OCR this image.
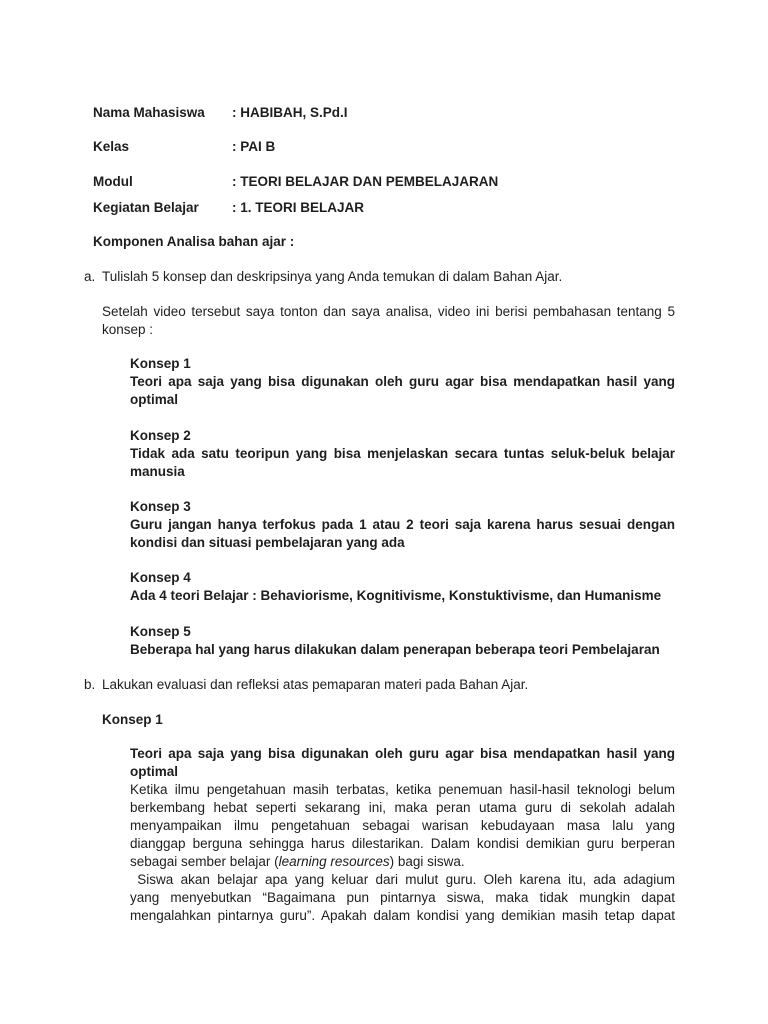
Nama Mahasiswa : HABIBAH, S.Pd.I
Kelas	: PAI B
Modul	: TEORI BELAJAR DAN PEMBELAJARAN
Kegiatan Belajar : 1. TEORI BELAJAR
Komponen Analisa bahan ajar :
a. Tulislah 5 konsep dan deskripsinya yang Anda temukan di dalam Bahan Ajar.
Setelah video tersebut saya tonton dan saya analisa, video ini berisi pembahasan tentang 5
konsep :
Konsep 1
Teori apa saja yang bisa digunakan oleh guru agar bisa mendapatkan hasil yang
optimal
Konsep 2
Tidak ada satu teoripun yang bisa menjelaskan secara tuntas seluk-beluk belajar
manusia
Konsep 3
Guru jangan hanya terfokus pada 1 atau 2 teori saja karena harus sesuai dengan
kondisi dan situasi pembelajaran yang ada
Konsep 4
Ada 4 teori Belajar : Behaviorisme, Kognitivisme, Konstuktivisme, dan Humanisme
Konsep 5
Beberapa hal yang harus dilakukan dalam penerapan beberapa teori Pembelajaran
b. Lakukan evaluasi dan refleksi atas pemaparan materi pada Bahan Ajar.
Konsep 1
Teori apa saja yang bisa digunakan oleh guru agar bisa mendapatkan hasil yang
optimal
Ketika ilmu pengetahuan masih terbatas, ketika penemuan hasil-hasil teknologi belum
berkembang hebat seperti sekarang ini, maka peran utama guru di sekolah adalah
menyampaikan ilmu pengetahuan sebagai warisan kebudayaan masa lalu yang
dianggap berguna sehingga harus dilestarikan. Dalam kondisi demikian guru berperan
sebagai sember belajar (learning resources) bagi siswa.
Siswa akan belajar apa yang keluar dari mulut guru. Oleh karena itu, ada adagium
yang menyebutkan “Bagaimana pun pintarnya siswa, maka tidak mungkin dapat
mengalahkan pintarnya guru”. Apakah dalam kondisi yang demikian masih tetap dapat
